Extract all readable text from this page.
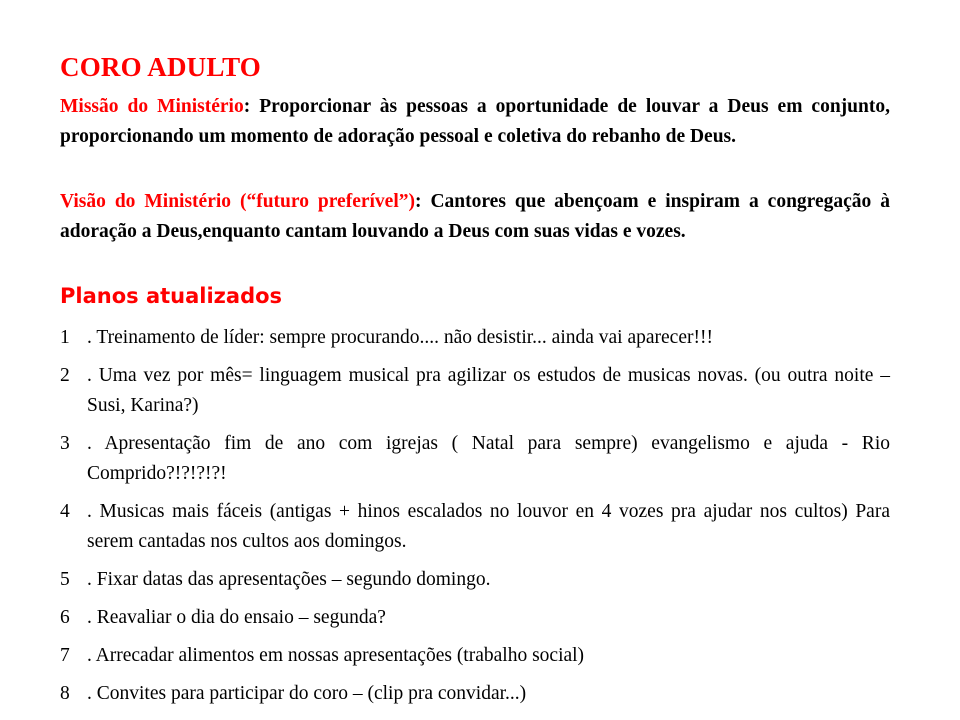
CORO ADULTO
Missão do Ministério: Proporcionar às pessoas a oportunidade de louvar a Deus em conjunto, proporcionando um momento de adoração pessoal e coletiva do rebanho de Deus.
Visão do Ministério (“futuro preferível”): Cantores que abençoam e inspiram a congregação à adoração a Deus,enquanto cantam louvando a Deus com suas vidas e vozes.
Planos atualizados
1 . Treinamento de líder: sempre procurando.... não desistir... ainda vai aparecer!!!
2 . Uma vez por mês= linguagem musical pra agilizar os estudos de musicas novas. (ou outra noite – Susi, Karina?)
3 . Apresentação fim de ano com igrejas ( Natal para sempre) evangelismo e ajuda - Rio Comprido?!?!?!?!
4 . Musicas mais fáceis (antigas + hinos escalados no louvor en 4 vozes pra ajudar nos cultos) Para serem cantadas nos cultos aos domingos.
5 . Fixar datas das apresentações – segundo domingo.
6 . Reavaliar o dia do ensaio – segunda?
7 . Arrecadar alimentos em nossas apresentações (trabalho social)
8 . Convites para participar do coro – (clip pra convidar...)
